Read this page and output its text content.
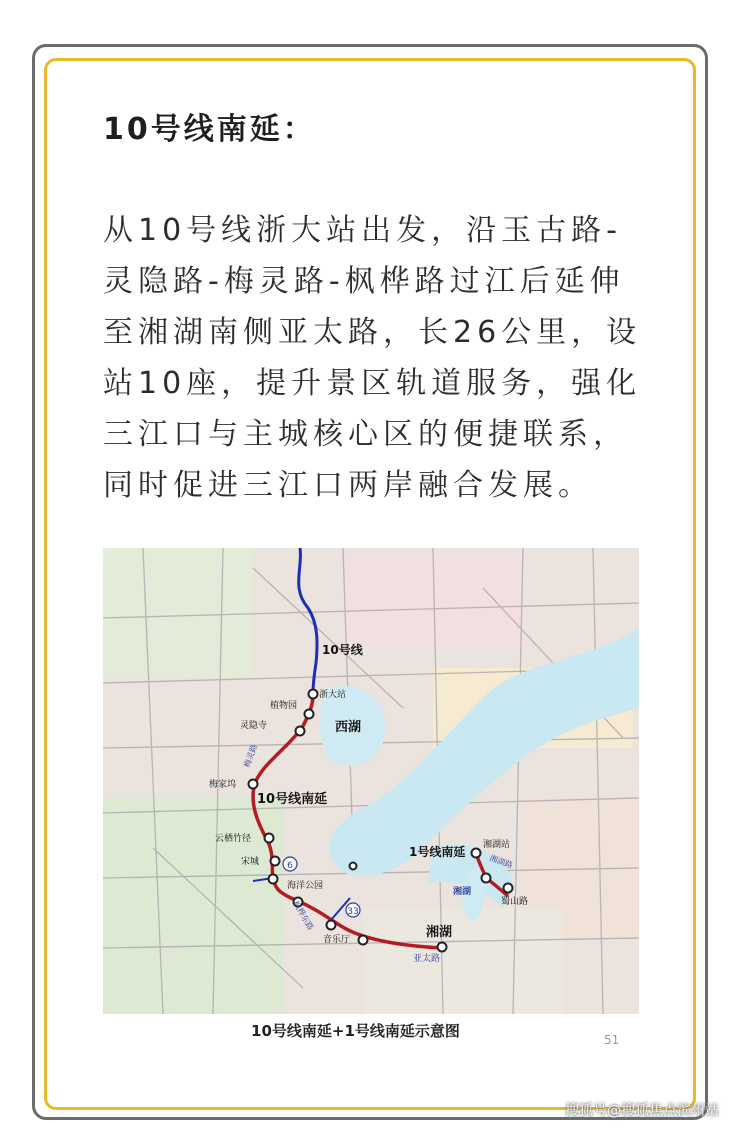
10号线南延：

从10号线浙大站出发，沿玉古路-灵隐路-梅灵路-枫桦路过江后延伸至湘湖南侧亚太路，长26公里，设站10座，提升景区轨道服务，强化三江口与主城核心区的便捷联系，同时促进三江口两岸融合发展。

6
33
10号线
10号线南延
1号线南延
西湖
湘湖
湘湖
浙大站
植物园
灵隐寺
梅家坞
云栖竹径
宋城
海洋公园
音乐厅
亚太路
湘湖站
蜀山路
梅灵路
枫桦东路
湘湖路
10号线南延+1号线南延示意图	51
搜狐号@搜狐焦点滨州站
